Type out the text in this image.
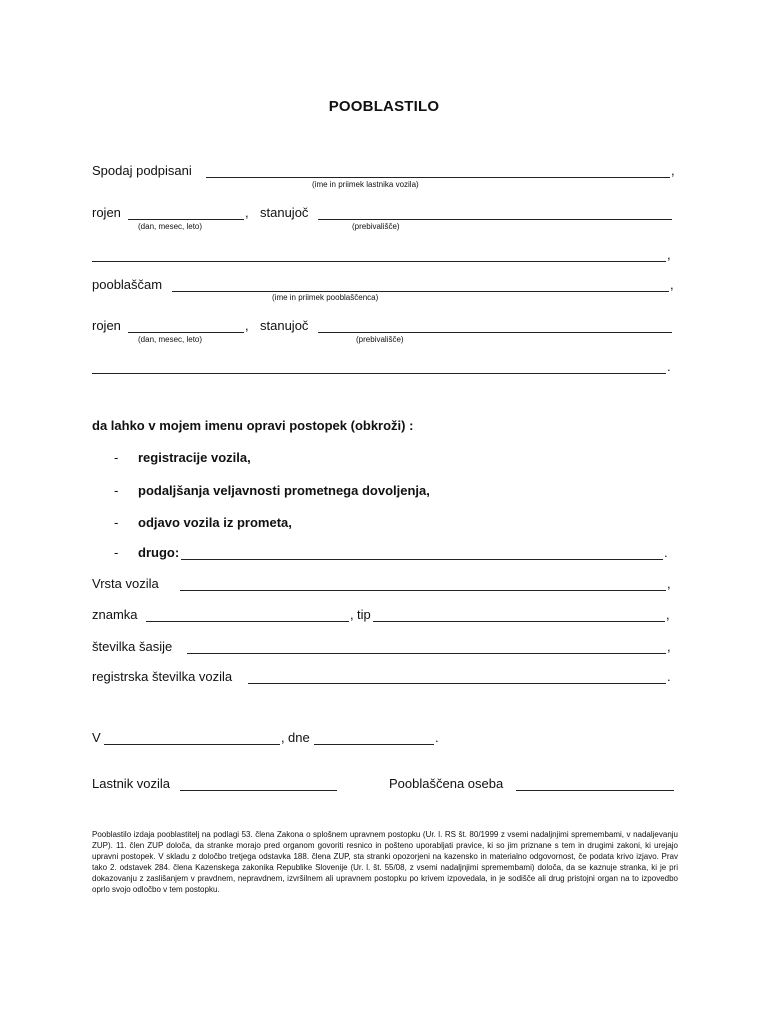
POOBLASTILO
Spodaj podpisani	,
(ime in priimek lastnika vozila)
rojen	, stanujoč
(dan, mesec, leto)	(prebivališče)
,
pooblaščam	,
(ime in priimek pooblaščenca)
rojen	, stanujoč
(dan, mesec, leto)	(prebivališče)
.
da lahko v mojem imenu opravi postopek (obkroži) :
- registracije vozila,
- podaljšanja veljavnosti prometnega dovoljenja,
- odjavo vozila iz prometa,
- drugo:	.
Vrsta vozila	,
znamka	, tip	,
številka šasije	,
registrska številka vozila	.
V	, dne	.
Lastnik vozila	Pooblaščena oseba
Pooblastilo izdaja pooblastitelj na podlagi 53. člena Zakona o splošnem upravnem postopku (Ur. l. RS št. 80/1999 z vsemi nadaljnjimi spremembami, v nadaljevanju ZUP). 11. člen ZUP določa, da stranke morajo pred organom govoriti resnico in pošteno uporabljati pravice, ki so jim priznane s tem in drugimi zakoni, ki urejajo upravni postopek. V skladu z določbo tretjega odstavka 188. člena ZUP, sta stranki opozorjeni na kazensko in materialno odgovornost, če podata krivo izjavo. Prav tako 2. odstavek 284. člena Kazenskega zakonika Republike Slovenije (Ur. l. št. 55/08, z vsemi nadaljnjimi spremembami) določa, da se kaznuje stranka, ki je pri dokazovanju z zaslišanjem v pravdnem, nepravdnem, izvršilnem ali upravnem postopku po krivem izpovedala, in je sodišče ali drug pristojni organ na to izpovedbo oprlo svojo odločbo v tem postopku.
